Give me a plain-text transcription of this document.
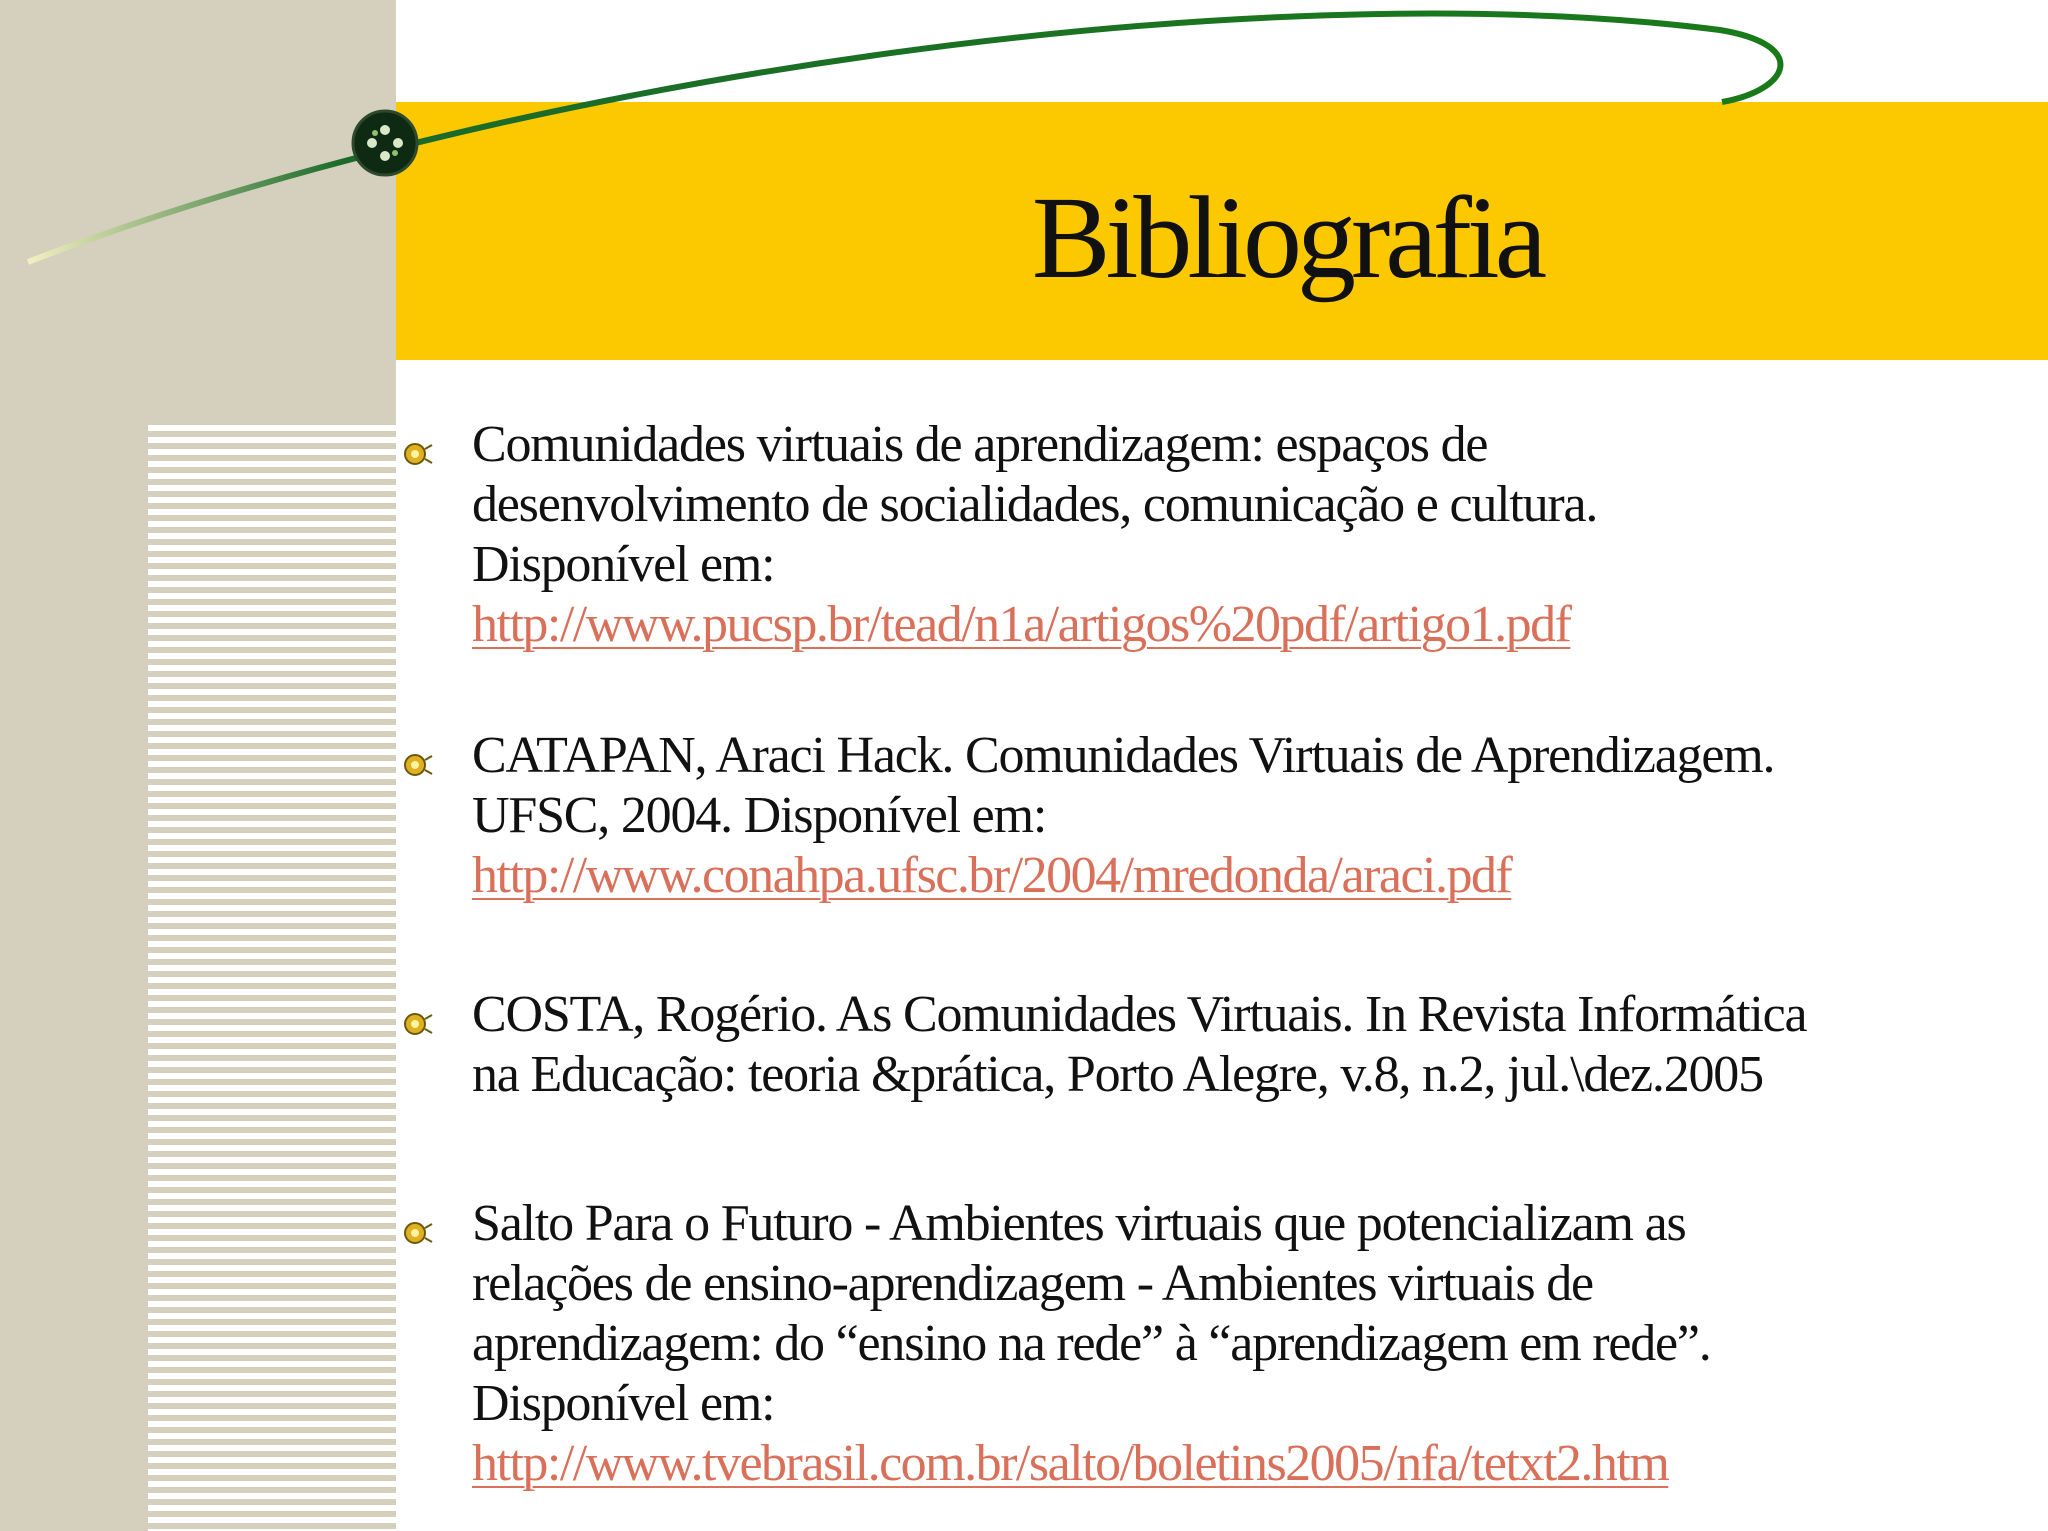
Bibliografia
Comunidades virtuais de aprendizagem: espaços de
desenvolvimento de socialidades, comunicação e cultura.
Disponível em:
http://www.pucsp.br/tead/n1a/artigos%20pdf/artigo1.pdf
CATAPAN, Araci Hack. Comunidades Virtuais de Aprendizagem.
UFSC, 2004. Disponível em:
http://www.conahpa.ufsc.br/2004/mredonda/araci.pdf
COSTA, Rogério. As Comunidades Virtuais. In Revista Informática
na Educação: teoria &prática, Porto Alegre, v.8, n.2, jul.\dez.2005
Salto Para o Futuro - Ambientes virtuais que potencializam as
relações de ensino-aprendizagem - Ambientes virtuais de
aprendizagem: do “ensino na rede” à “aprendizagem em rede”.
Disponível em:
http://www.tvebrasil.com.br/salto/boletins2005/nfa/tetxt2.htm
